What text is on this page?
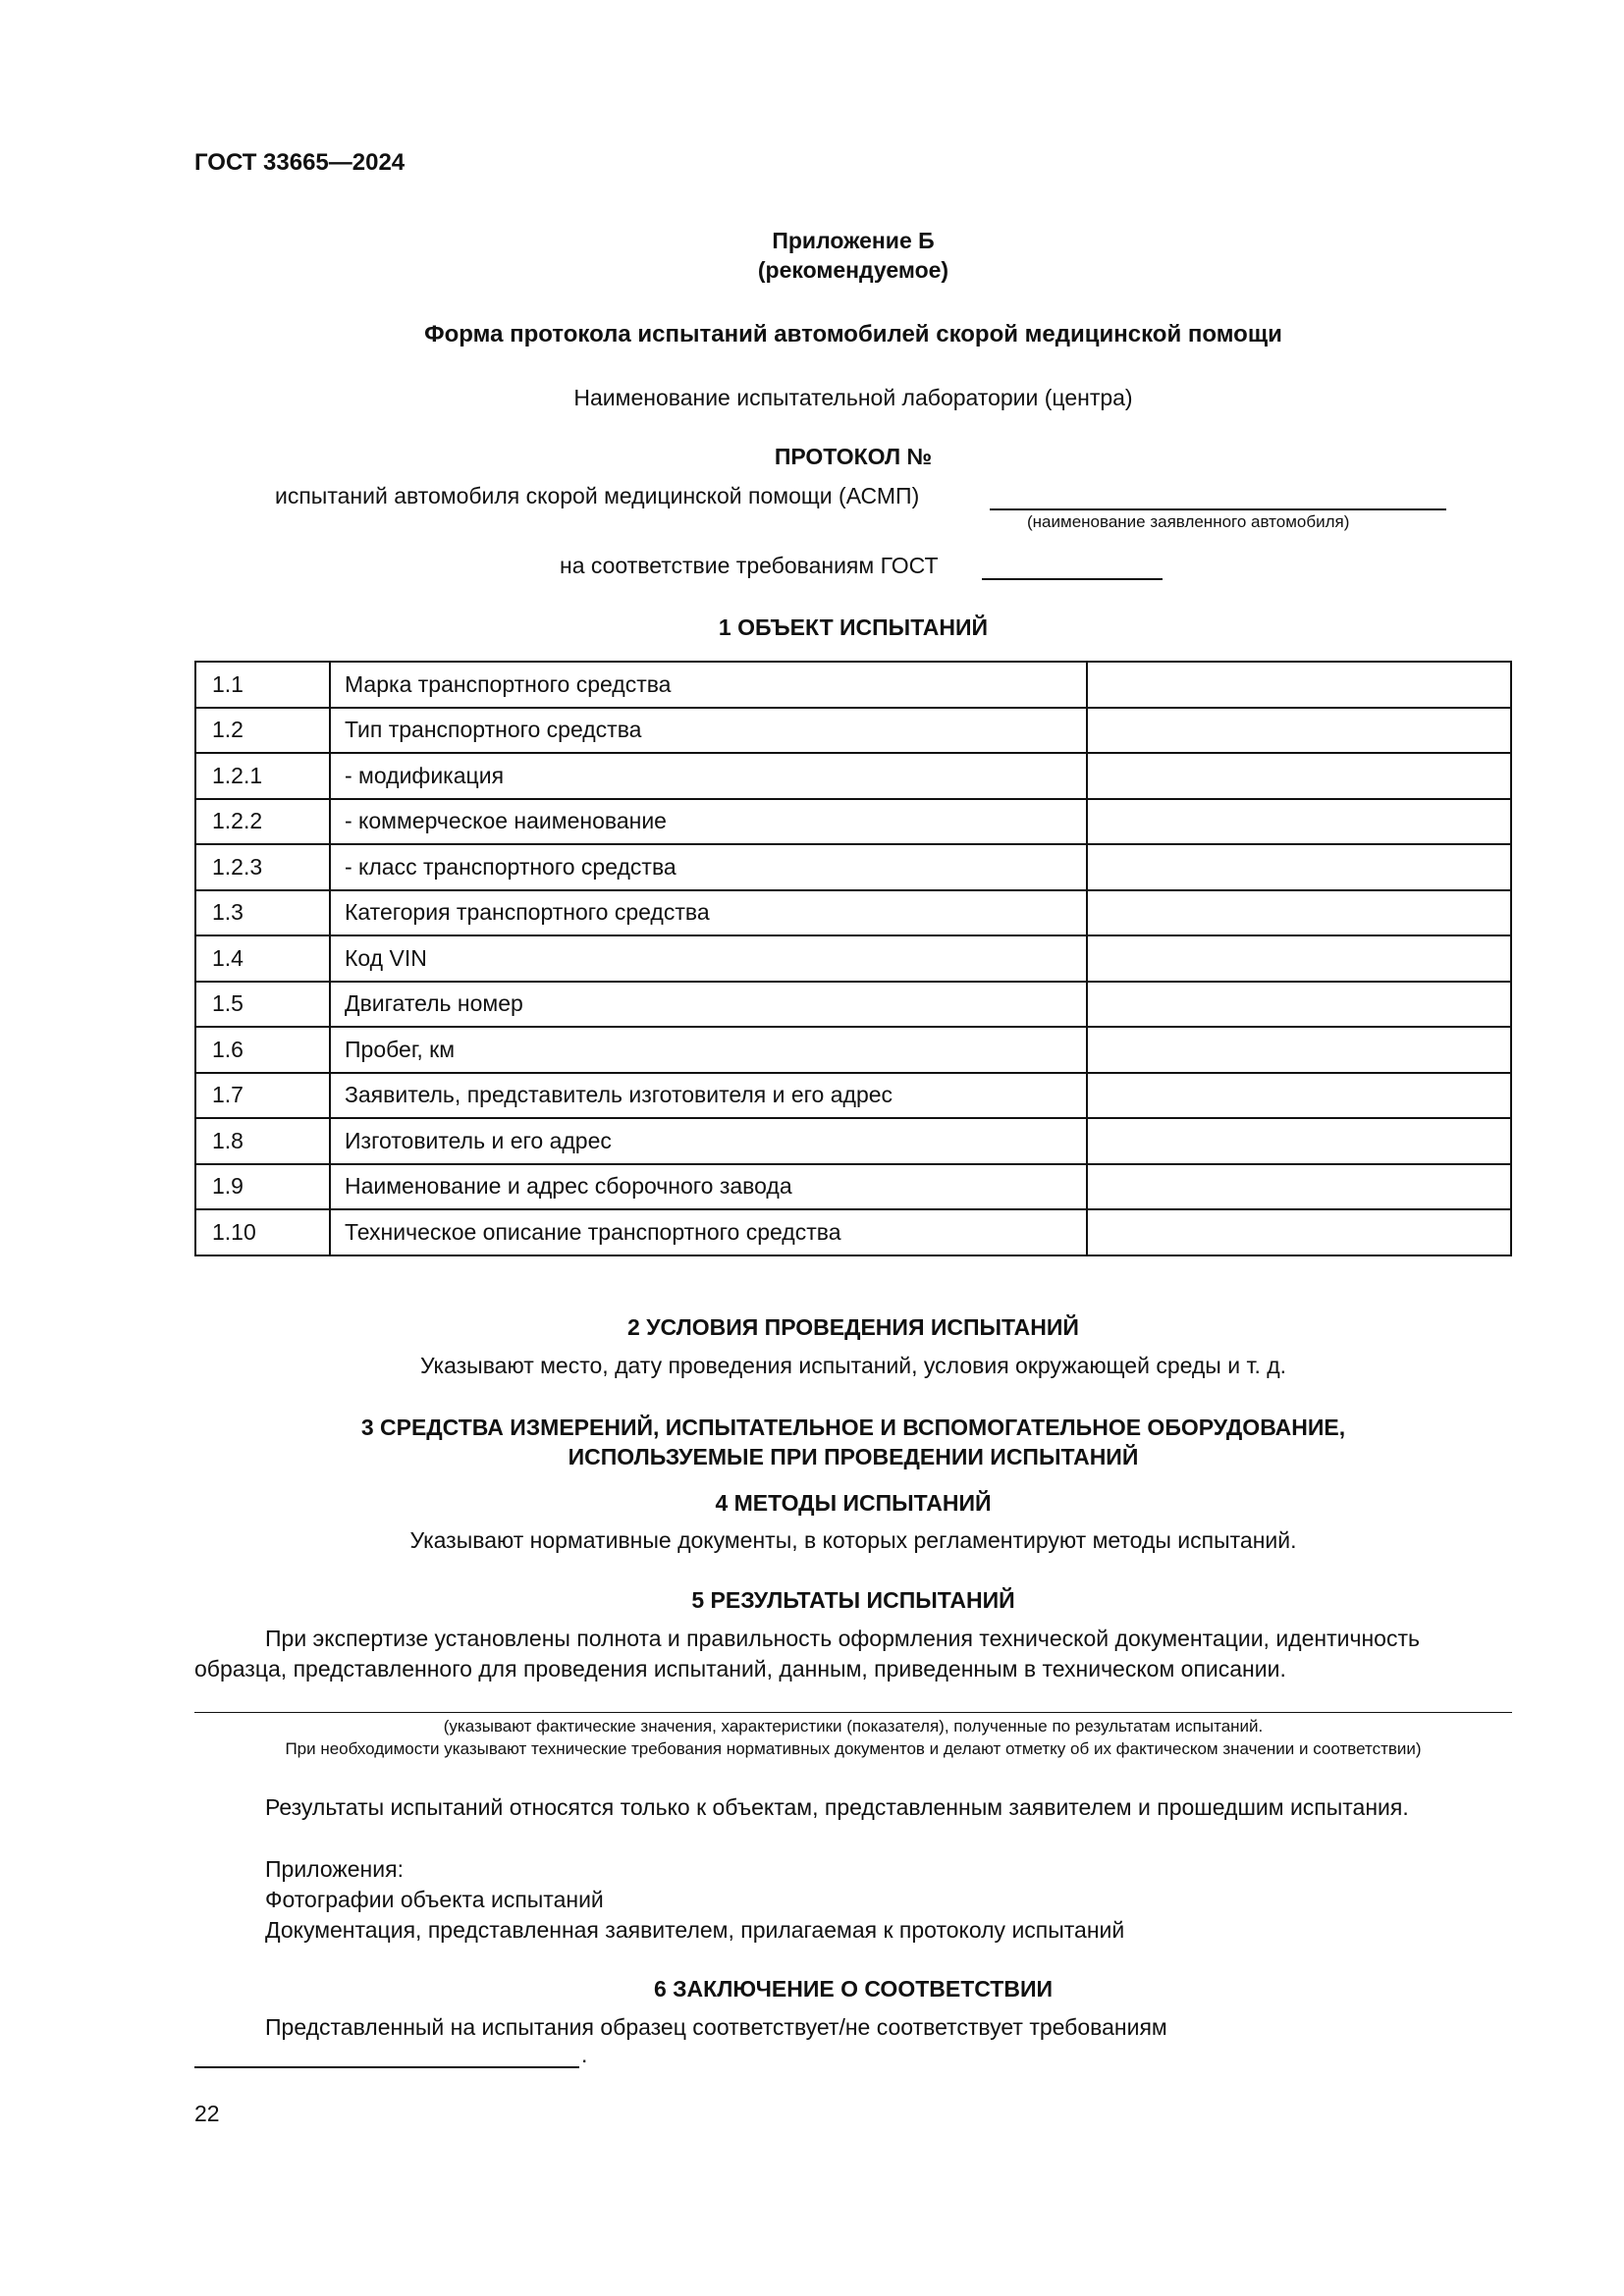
ГОСТ 33665—2024
Приложение Б
(рекомендуемое)
Форма протокола испытаний автомобилей скорой медицинской помощи
Наименование испытательной лаборатории (центра)
ПРОТОКОЛ №
испытаний автомобиля скорой медицинской помощи (АСМП)
(наименование заявленного автомобиля)
на соответствие требованиям ГОСТ
1 ОБЪЕКТ ИСПЫТАНИЙ
1.1	Марка транспортного средства	
1.2	Тип транспортного средства	
1.2.1	- модификация	
1.2.2	- коммерческое наименование	
1.2.3	- класс транспортного средства	
1.3	Категория транспортного средства	
1.4	Код VIN	
1.5	Двигатель номер	
1.6	Пробег, км	
1.7	Заявитель, представитель изготовителя и его адрес	
1.8	Изготовитель и его адрес	
1.9	Наименование и адрес сборочного завода	
1.10	Техническое описание транспортного средства	
2 УСЛОВИЯ ПРОВЕДЕНИЯ ИСПЫТАНИЙ
Указывают место, дату проведения испытаний, условия окружающей среды и т. д.
3 СРЕДСТВА ИЗМЕРЕНИЙ, ИСПЫТАТЕЛЬНОЕ И ВСПОМОГАТЕЛЬНОЕ ОБОРУДОВАНИЕ,
ИСПОЛЬЗУЕМЫЕ ПРИ ПРОВЕДЕНИИ ИСПЫТАНИЙ
4 МЕТОДЫ ИСПЫТАНИЙ
Указывают нормативные документы, в которых регламентируют методы испытаний.
5 РЕЗУЛЬТАТЫ ИСПЫТАНИЙ
При экспертизе установлены полнота и правильность оформления технической документации, идентичность
образца, представленного для проведения испытаний, данным, приведенным в техническом описании.
(указывают фактические значения, характеристики (показателя), полученные по результатам испытаний.
При необходимости указывают технические требования нормативных документов и делают отметку об их фактическом значении и соответствии)
Результаты испытаний относятся только к объектам, представленным заявителем и прошедшим испытания.
Приложения:
Фотографии объекта испытаний
Документация, представленная заявителем, прилагаемая к протоколу испытаний
6 ЗАКЛЮЧЕНИЕ О СООТВЕТСТВИИ
Представленный на испытания образец соответствует/не соответствует требованиям
.
22
